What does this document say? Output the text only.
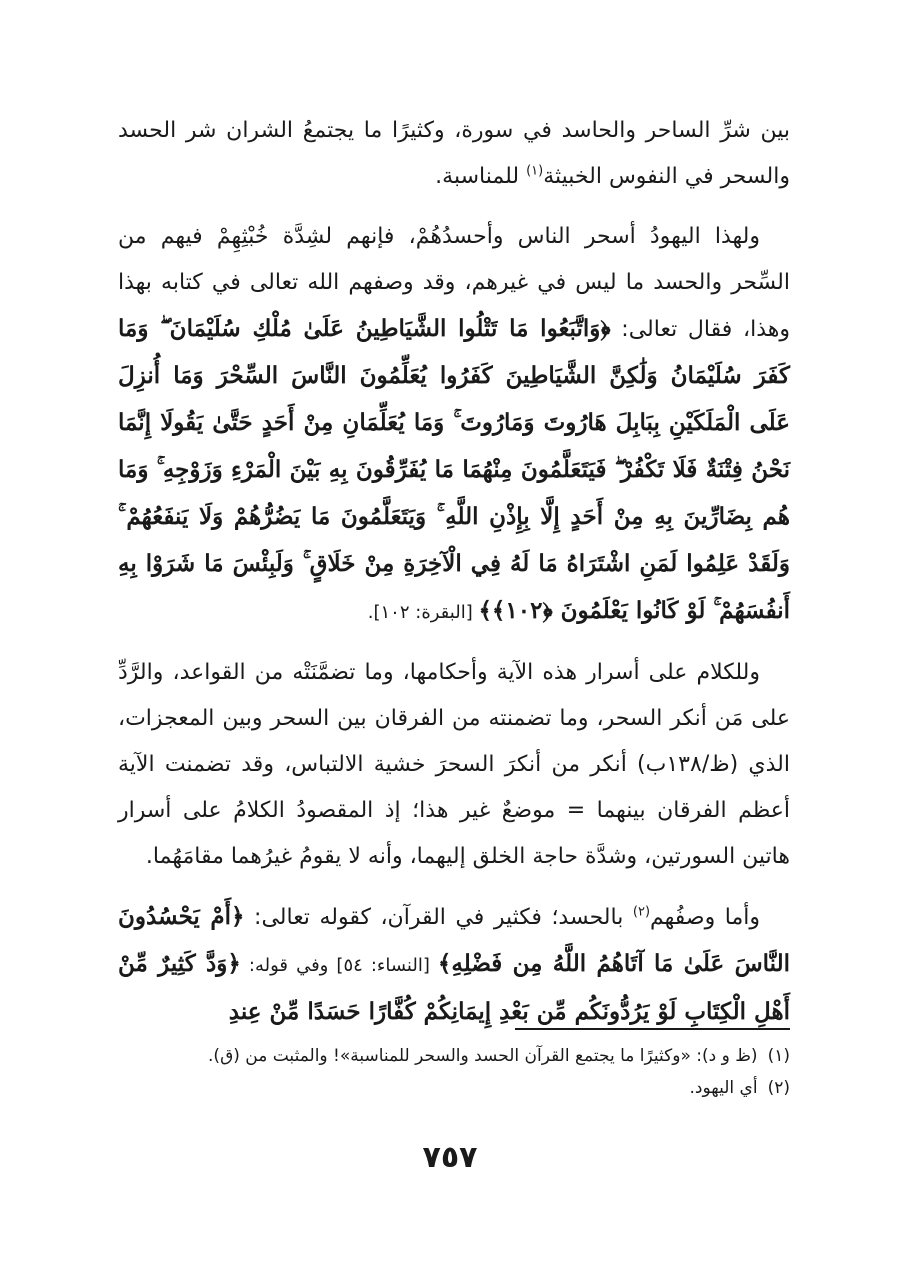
بين شرِّ الساحر والحاسد في سورة، وكثيرًا ما يجتمعُ الشران شر الحسد والسحر في النفوس الخبيثة$^{(١)}$ للمناسبة.

ولهذا اليهودُ أسحر الناس وأحسدُهُمْ، فإنهم لشِدَّة خُبْثِهِمْ فيهم من السِّحر والحسد ما ليس في غيرهم، وقد وصفهم الله تعالى في كتابه بهذا وهذا، فقال تعالى: ﴿وَاتَّبَعُوا مَا تَتْلُوا الشَّيَاطِينُ عَلَىٰ مُلْكِ سُلَيْمَانَ ۖ وَمَا كَفَرَ سُلَيْمَانُ وَلَٰكِنَّ الشَّيَاطِينَ كَفَرُوا يُعَلِّمُونَ النَّاسَ السِّحْرَ وَمَا أُنزِلَ عَلَى الْمَلَكَيْنِ بِبَابِلَ هَارُوتَ وَمَارُوتَ ۚ وَمَا يُعَلِّمَانِ مِنْ أَحَدٍ حَتَّىٰ يَقُولَا إِنَّمَا نَحْنُ فِتْنَةٌ فَلَا تَكْفُرْ ۖ فَيَتَعَلَّمُونَ مِنْهُمَا مَا يُفَرِّقُونَ بِهِ بَيْنَ الْمَرْءِ وَزَوْجِهِ ۚ وَمَا هُم بِضَارِّينَ بِهِ مِنْ أَحَدٍ إِلَّا بِإِذْنِ اللَّهِ ۚ وَيَتَعَلَّمُونَ مَا يَضُرُّهُمْ وَلَا يَنفَعُهُمْ ۚ وَلَقَدْ عَلِمُوا لَمَنِ اشْتَرَاهُ مَا لَهُ فِي الْآخِرَةِ مِنْ خَلَاقٍ ۚ وَلَبِئْسَ مَا شَرَوْا بِهِ أَنفُسَهُمْ ۚ لَوْ كَانُوا يَعْلَمُونَ ﴿١٠٢﴾﴾ [البقرة: ١٠٢].

وللكلام على أسرار هذه الآية وأحكامها، وما تضمَّنَتْه من القواعد، والرَّدِّ على مَن أنكر السحر، وما تضمنته من الفرقان بين السحر وبين المعجزات، الذي (ظ/١٣٨ب) أنكر من أنكرَ السحرَ خشية الالتباس، وقد تضمنت الآية أعظم الفرقان بينهما = موضعٌ غير هذا؛ إذ المقصودُ الكلامُ على أسرار هاتين السورتين، وشدَّة حاجة الخلق إليهما، وأنه لا يقومُ غيرُهما مقامَهُما.

وأما وصفُهم$^{(٢)}$ بالحسد؛ فكثير في القرآن، كقوله تعالى: ﴿أَمْ يَحْسُدُونَ النَّاسَ عَلَىٰ مَا آتَاهُمُ اللَّهُ مِن فَضْلِهِ﴾ [النساء: ٥٤] وفي قوله: ﴿وَدَّ كَثِيرٌ مِّنْ أَهْلِ الْكِتَابِ لَوْ يَرُدُّونَكُم مِّن بَعْدِ إِيمَانِكُمْ كُفَّارًا حَسَدًا مِّنْ عِندِ

(١)(ظ و د): «وكثيرًا ما يجتمع القرآن الحسد والسحر للمناسبة»! والمثبت من (ق).
(٢)أي اليهود.
٧٥٧
